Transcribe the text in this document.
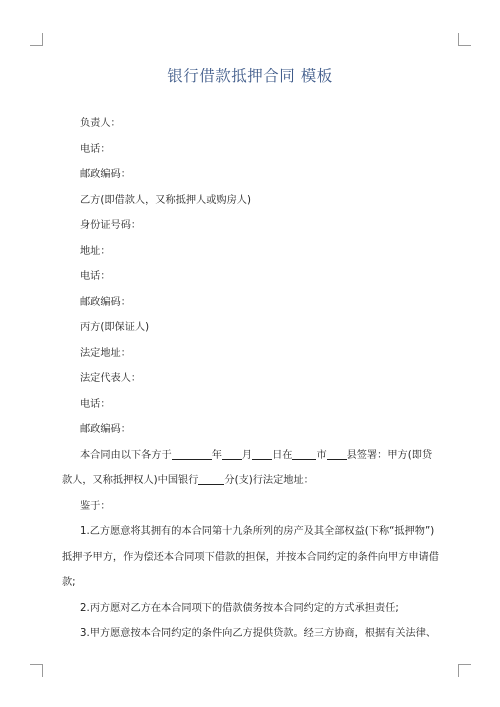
银行借款抵押合同 模板

负责人：

电话：

邮政编码：

乙方(即借款人，又称抵押人或购房人)

身份证号码：

地址：

电话：

邮政编码：

丙方(即保证人)

法定地址：

法定代表人：

电话：

邮政编码：

本合同由以下各方于	年 月 日在 市 县签署：甲方(即贷
款人，又称抵押权人)中国银行	分(支)行法定地址：

鉴于：

1.乙方愿意将其拥有的本合同第十九条所列的房产及其全部权益(下称“抵押物”)
抵押予甲方，作为偿还本合同项下借款的担保，并按本合同约定的条件向甲方申请借
款;

2.丙方愿对乙方在本合同项下的借款债务按本合同约定的方式承担责任;

3.甲方愿意按本合同约定的条件向乙方提供贷款。经三方协商，根据有关法律、
